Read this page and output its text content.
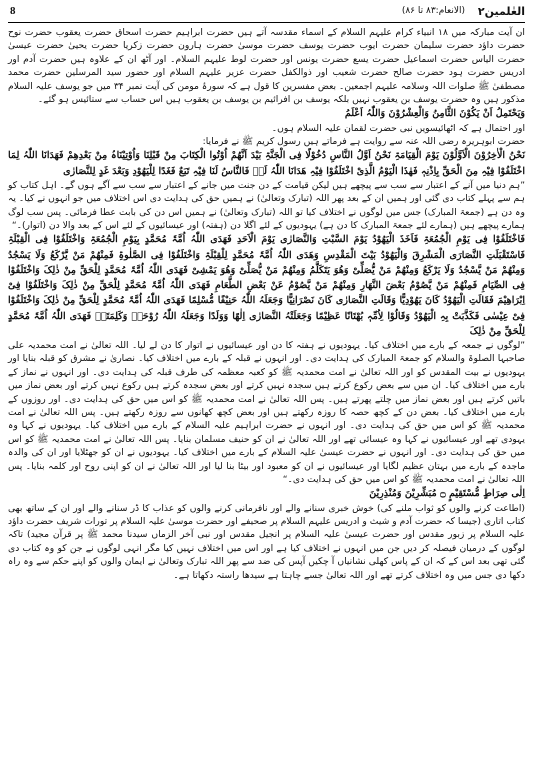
العٰلمین۲
(الانعام:۸۳ تا ۸۶)
8

ان آیت مبارکہ میں ۱۸ انبیاء کرام علیہم السلام کے اسماء مقدسہ آتے ہیں حضرت ابراہیم حضرت اسحاق حضرت یعقوب حضرت نوح حضرت داؤد حضرت سلیمان حضرت ایوب حضرت یوسف حضرت موسیٰ حضرت ہارون حضرت زکریا حضرت یحییٰ حضرت عیسیٰ حضرت الیاس حضرت اسماعیل حضرت یسع حضرت یونس اور حضرت لوط علیہم السلام۔ اور آٹھ ان کے علاوہ ہیں حضرت آدم اور ادریس حضرت ہود حضرت صالح حضرت شعیب اور ذوالکفل حضرت عزیر علیہم السلام اور حضور سید المرسلین حضرت محمد مصطفیٰ ﷺ صلوات اللہ وسلامہ علیہم اجمعین۔ بعض مفسرین کا قول ہے کہ سورۂ مومن کی آیت نمبر ۳۴ میں جو یوسف علیہ السلام مذکور ہیں وہ حضرت یوسف بن یعقوب نہیں بلکہ یوسف بن افرائیم بن یوسف بن یعقوب ہیں اس حساب سے ستائیس ہو گئے۔

وَیَحْتَمِلُ اَنْ یَکُوْنَ الثَّامِنُ وَالْعِشْرُوْنَ وَاللّٰہُ اَعْلَمُ

اور احتمال ہے کہ اٹھائیسویں نبی حضرت لقمان علیہ السلام ہوں۔

حضرت ابوہریرہ رضی اللہ عنہ سے روایت ہے فرماتے ہیں رسول کریم ﷺ نے فرمایا:

نَحْنُ الْاٰخِرُوْنَ الْاَوَّلُوْنَ یَوْمَ الْقِیَامَۃِ نَحْنُ اَوَّلُ النَّاسِ دُخُوْلًا فِی الْجَنَّۃِ بَیْدَ اَنَّھُمْ اُوْتُوا الْکِتَابَ مِنْ قَبْلِنَا وَاُوْتِیْنَاہُ مِنْ بَعْدِھِمْ فَھَدَانَا اللّٰہُ لِمَا اخْتَلَفُوْا فِیْہِ مِنَ الْحَقِّ بِاِذْنِہٖ فَھٰذَا الْیَوْمُ الَّذِیْ اخْتَلَفُوْا فِیْہِ ھَدَانَا اللّٰہُ لَہٗ فَالنَّاسُ لَنَا فِیْہِ تَبَعٌ فَغَدًا لِلْیَھُوْدِ وَبَعْدَ غَدٍ لِلنَّصَارٰی

”ہم دنیا میں آنے کے اعتبار سے سب سے پیچھے ہیں لیکن قیامت کے دن جنت میں جانے کے اعتبار سے سب سے آگے ہوں گے۔ اہل کتاب کو ہم سے پہلے کتاب دی گئی اور ہمیں ان کے بعد پھر اللہ (تبارک وتعالیٰ) نے ہمیں حق کی ہدایت دی اس اختلاف میں جو انہوں نے کیا۔ یہ وہ دن ہے (جمعۃ المبارک) جس میں لوگوں نے اختلاف کیا تو اللہ (تبارک وتعالیٰ) نے ہمیں اس دن کی بابت عطا فرمائی۔ پس سب لوگ ہمارے پیچھے ہیں (ہمارے لئے جمعۃ المبارک کا دن ہے) یہودیوں کے لئے اگلا دن (ہفتہ) اور عیسائیوں کے لئے اس کے بعد والا دن (اتوار)۔“

فَاخْتَلَفُوْا فِی یَوْمِ الْجُمُعَۃِ فَاَخَذَ الْیَھُوْدُ یَوْمَ السَّبْتِ وَالنَّصَارٰی یَوْمَ الْاَحَدِ فَھَدَی اللّٰہُ اُمَّۃَ مُحَمَّدٍ بِیَوْمِ الْجُمُعَۃِ وَاخْتَلَفُوْا فِی الْقِبْلَۃِ فَاسْتَقْبَلَتِ النَّصَارَی الْمَشْرِقَ وَالْیَھُوْدُ بَیْتَ الْمَقْدِسِ وَھَدَی اللّٰہُ اُمَّۃَ مُحَمَّدٍ لِلْقِبْلَۃِ وَاخْتَلَفُوْا فِی الصَّلٰوۃِ فَمِنْھُمْ مَنْ یَّرْکَعُ وَلَا یَسْجُدُ وَمِنْھُمْ مَنْ یَّسْجُدُ وَلَا یَرْکَعُ وَمِنْھُمْ مَنْ یُّصَلِّیْ وَھُوَ یَتَکَلَّمُ وَمِنْھُمْ مَنْ یُّصَلِّیْ وَھُوَ یَمْشِیْ فَھَدَی اللّٰہُ اُمَّۃَ مُحَمَّدٍ لِلْحَقِّ مِنْ ذٰلِکَ وَاخْتَلَفُوْا فِی الصِّیَامِ فَمِنْھُمْ مَنْ یَّصُوْمُ بَعْضَ النَّھَارِ وَمِنْھُمْ مَنْ یَّصُوْمُ عَنْ بَعْضِ الطَّعَامِ فَھَدَی اللّٰہُ اُمَّۃَ مُحَمَّدٍ لِلْحَقِّ مِنْ ذٰلِکَ وَاخْتَلَفُوْا فِیْ اِبْرَاھِیْمَ فَقَالَتِ الْیَھُوْدُ کَانَ یَھُوْدِیًّا وَقَالَتِ النَّصَارٰی کَانَ نَصْرَانِیًّا وَجَعَلَہُ اللّٰہُ حَنِیْفًا مُّسْلِمًا فَھَدَی اللّٰہُ اُمَّۃَ مُحَمَّدٍ لِلْحَقِّ مِنْ ذٰلِکَ وَاخْتَلَفُوْا فِیْ عِیْسٰی فَکَذَّبَتْ بِہِ الْیَھُوْدُ وَقَالُوْا لِاُمِّہٖ بُھْتَانًا عَظِیْمًا وَجَعَلَتْہُ النَّصَارٰی اِلٰھًا وَوَلَدًا وَجَعَلَہُ اللّٰہُ رُوْحَہٗ وَکَلِمَتَہٗ فَھَدَی اللّٰہُ اُمَّۃَ مُحَمَّدٍ لِلْحَقِّ مِنْ ذٰلِکَ

”لوگوں نے جمعہ کے بارے میں اختلاف کیا۔ یہودیوں نے ہفتہ کا دن اور عیسائیوں نے اتوار کا دن لے لیا۔ اللہ تعالیٰ نے امت محمدیہ علی صاحبہا الصلوۃ والسلام کو جمعۃ المبارک کی ہدایت دی۔ اور انہوں نے قبلہ کے بارے میں اختلاف کیا۔ نصاریٰ نے مشرق کو قبلہ بنایا اور یہودیوں نے بیت المقدس کو اور اللہ تعالیٰ نے امت محمدیہ ﷺ کو کعبہ معظمہ کی طرف قبلہ کی ہدایت دی۔ اور انہوں نے نماز کے بارے میں اختلاف کیا۔ ان میں سے بعض رکوع کرتے ہیں سجدہ نہیں کرتے اور بعض سجدہ کرتے ہیں رکوع نہیں کرتے اور بعض نماز میں باتیں کرتے ہیں اور بعض نماز میں چلتے پھرتے ہیں۔ پس اللہ تعالیٰ نے امت محمدیہ ﷺ کو اس میں حق کی ہدایت دی۔ اور روزوں کے بارے میں اختلاف کیا۔ بعض دن کے کچھ حصہ کا روزہ رکھتے ہیں اور بعض کچھ کھانوں سے روزہ رکھتے ہیں۔ پس اللہ تعالیٰ نے امت محمدیہ ﷺ کو اس میں حق کی ہدایت دی۔ اور انہوں نے حضرت ابراہیم علیہ السلام کے بارے میں اختلاف کیا۔ یہودیوں نے کہا وہ یہودی تھے اور عیسائیوں نے کہا وہ عیسائی تھے اور اللہ تعالیٰ نے ان کو حنیف مسلمان بنایا۔ پس اللہ تعالیٰ نے امت محمدیہ ﷺ کو اس میں حق کی ہدایت دی۔ اور انہوں نے حضرت عیسیٰ علیہ السلام کے بارے میں اختلاف کیا۔ یہودیوں نے ان کو جھٹلایا اور ان کی والدہ ماجدہ کے بارے میں بہتان عظیم لگایا اور عیسائیوں نے ان کو معبود اور بیٹا بنا لیا اور اللہ تعالیٰ نے ان کو اپنی روح اور کلمہ بنایا۔ پس اللہ تعالیٰ نے امت محمدیہ ﷺ کو اس میں حق کی ہدایت دی۔“

اِلٰی صِرَاطٍ مُّسْتَقِیْمٍ ۝ مُبَشِّرِیْنَ وَمُنْذِرِیْنَ

(اطاعت کرنے والوں کو ثواب ملنے کی) خوش خبری سنانے والے اور نافرمانی کرنے والوں کو عذاب کا ڈر سنانے والے اور ان کے ساتھ بھی کتاب اتاری (جیسا کہ حضرت آدم و شیث و ادریس علیہم السلام پر صحیفے اور حضرت موسیٰ علیہ السلام پر تورات شریف حضرت داؤد علیہ السلام پر زبور مقدس اور حضرت عیسیٰ علیہ السلام پر انجیل مقدس اور نبی آخر الزماں سیدنا محمد ﷺ پر قرآن مجید) تاکہ لوگوں کے درمیان فیصلہ کر دیں جن میں انہوں نے اختلاف کیا ہے اور اس میں اختلاف نہیں کیا مگر انہی لوگوں نے جن کو وہ کتاب دی گئی تھی بعد اس کے کہ ان کے پاس کھلی نشانیاں آ چکیں آپس کی ضد سے پھر اللہ تبارک وتعالیٰ نے ایمان والوں کو اپنے حکم سے وہ راہ دکھا دی جس میں وہ اختلاف کرتے تھے اور اللہ تعالیٰ جسے چاہتا ہے سیدھا راستہ دکھاتا ہے۔
